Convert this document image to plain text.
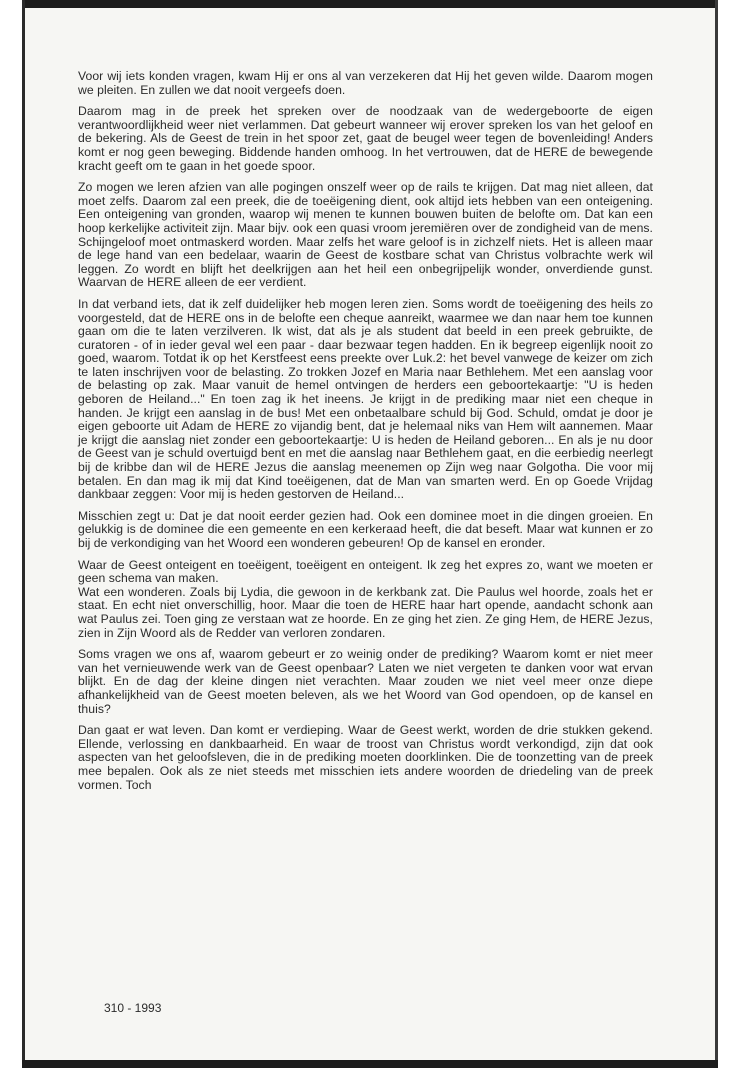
Voor wij iets konden vragen, kwam Hij er ons al van verzekeren dat Hij het geven wilde. Daarom mogen we pleiten. En zullen we dat nooit vergeefs doen.

Daarom mag in de preek het spreken over de noodzaak van de wedergeboorte de eigen verantwoordlijkheid weer niet verlammen. Dat gebeurt wanneer wij erover spreken los van het geloof en de bekering. Als de Geest de trein in het spoor zet, gaat de beugel weer tegen de bovenleiding! Anders komt er nog geen beweging. Biddende handen omhoog. In het vertrouwen, dat de HERE de bewegende kracht geeft om te gaan in het goede spoor.

Zo mogen we leren afzien van alle pogingen onszelf weer op de rails te krijgen. Dat mag niet alleen, dat moet zelfs. Daarom zal een preek, die de toeëigening dient, ook altijd iets hebben van een onteigening. Een onteigening van gronden, waarop wij menen te kunnen bouwen buiten de belofte om. Dat kan een hoop kerkelijke activiteit zijn. Maar bijv. ook een quasi vroom jeremiëren over de zondigheid van de mens. Schijngeloof moet ontmaskerd worden. Maar zelfs het ware geloof is in zichzelf niets. Het is alleen maar de lege hand van een bedelaar, waarin de Geest de kostbare schat van Christus volbrachte werk wil leggen. Zo wordt en blijft het deelkrijgen aan het heil een onbegrijpelijk wonder, onverdiende gunst. Waarvan de HERE alleen de eer verdient.

In dat verband iets, dat ik zelf duidelijker heb mogen leren zien. Soms wordt de toeëigening des heils zo voorgesteld, dat de HERE ons in de belofte een cheque aanreikt, waarmee we dan naar hem toe kunnen gaan om die te laten verzilveren. Ik wist, dat als je als student dat beeld in een preek gebruikte, de curatoren - of in ieder geval wel een paar - daar bezwaar tegen hadden. En ik begreep eigenlijk nooit zo goed, waarom. Totdat ik op het Kerstfeest eens preekte over Luk.2: het bevel vanwege de keizer om zich te laten inschrijven voor de belasting. Zo trokken Jozef en Maria naar Bethlehem. Met een aanslag voor de belasting op zak. Maar vanuit de hemel ontvingen de herders een geboortekaartje: "U is heden geboren de Heiland..." En toen zag ik het ineens. Je krijgt in de prediking maar niet een cheque in handen. Je krijgt een aanslag in de bus! Met een onbetaalbare schuld bij God. Schuld, omdat je door je eigen geboorte uit Adam de HERE zo vijandig bent, dat je helemaal niks van Hem wilt aannemen. Maar je krijgt die aanslag niet zonder een geboortekaartje: U is heden de Heiland geboren... En als je nu door de Geest van je schuld overtuigd bent en met die aanslag naar Bethlehem gaat, en die eerbiedig neerlegt bij de kribbe dan wil de HERE Jezus die aanslag meenemen op Zijn weg naar Golgotha. Die voor mij betalen. En dan mag ik mij dat Kind toeëigenen, dat de Man van smarten werd. En op Goede Vrijdag dankbaar zeggen: Voor mij is heden gestorven de Heiland...

Misschien zegt u: Dat je dat nooit eerder gezien had. Ook een dominee moet in die dingen groeien. En gelukkig is de dominee die een gemeente en een kerkeraad heeft, die dat beseft. Maar wat kunnen er zo bij de verkondiging van het Woord een wonderen gebeuren! Op de kansel en eronder.

Waar de Geest onteigent en toeëigent, toeëigent en onteigent. Ik zeg het expres zo, want we moeten er geen schema van maken.

Wat een wonderen. Zoals bij Lydia, die gewoon in de kerkbank zat. Die Paulus wel hoorde, zoals het er staat. En echt niet onverschillig, hoor. Maar die toen de HERE haar hart opende, aandacht schonk aan wat Paulus zei. Toen ging ze verstaan wat ze hoorde. En ze ging het zien. Ze ging Hem, de HERE Jezus, zien in Zijn Woord als de Redder van verloren zondaren.

Soms vragen we ons af, waarom gebeurt er zo weinig onder de prediking? Waarom komt er niet meer van het vernieuwende werk van de Geest openbaar? Laten we niet vergeten te danken voor wat ervan blijkt. En de dag der kleine dingen niet verachten. Maar zouden we niet veel meer onze diepe afhankelijkheid van de Geest moeten beleven, als we het Woord van God opendoen, op de kansel en thuis?

Dan gaat er wat leven. Dan komt er verdieping. Waar de Geest werkt, worden de drie stukken gekend. Ellende, verlossing en dankbaarheid. En waar de troost van Christus wordt verkondigd, zijn dat ook aspecten van het geloofsleven, die in de prediking moeten doorklinken. Die de toonzetting van de preek mee bepalen. Ook als ze niet steeds met misschien iets andere woorden de driedeling van de preek vormen. Toch

310 - 1993
